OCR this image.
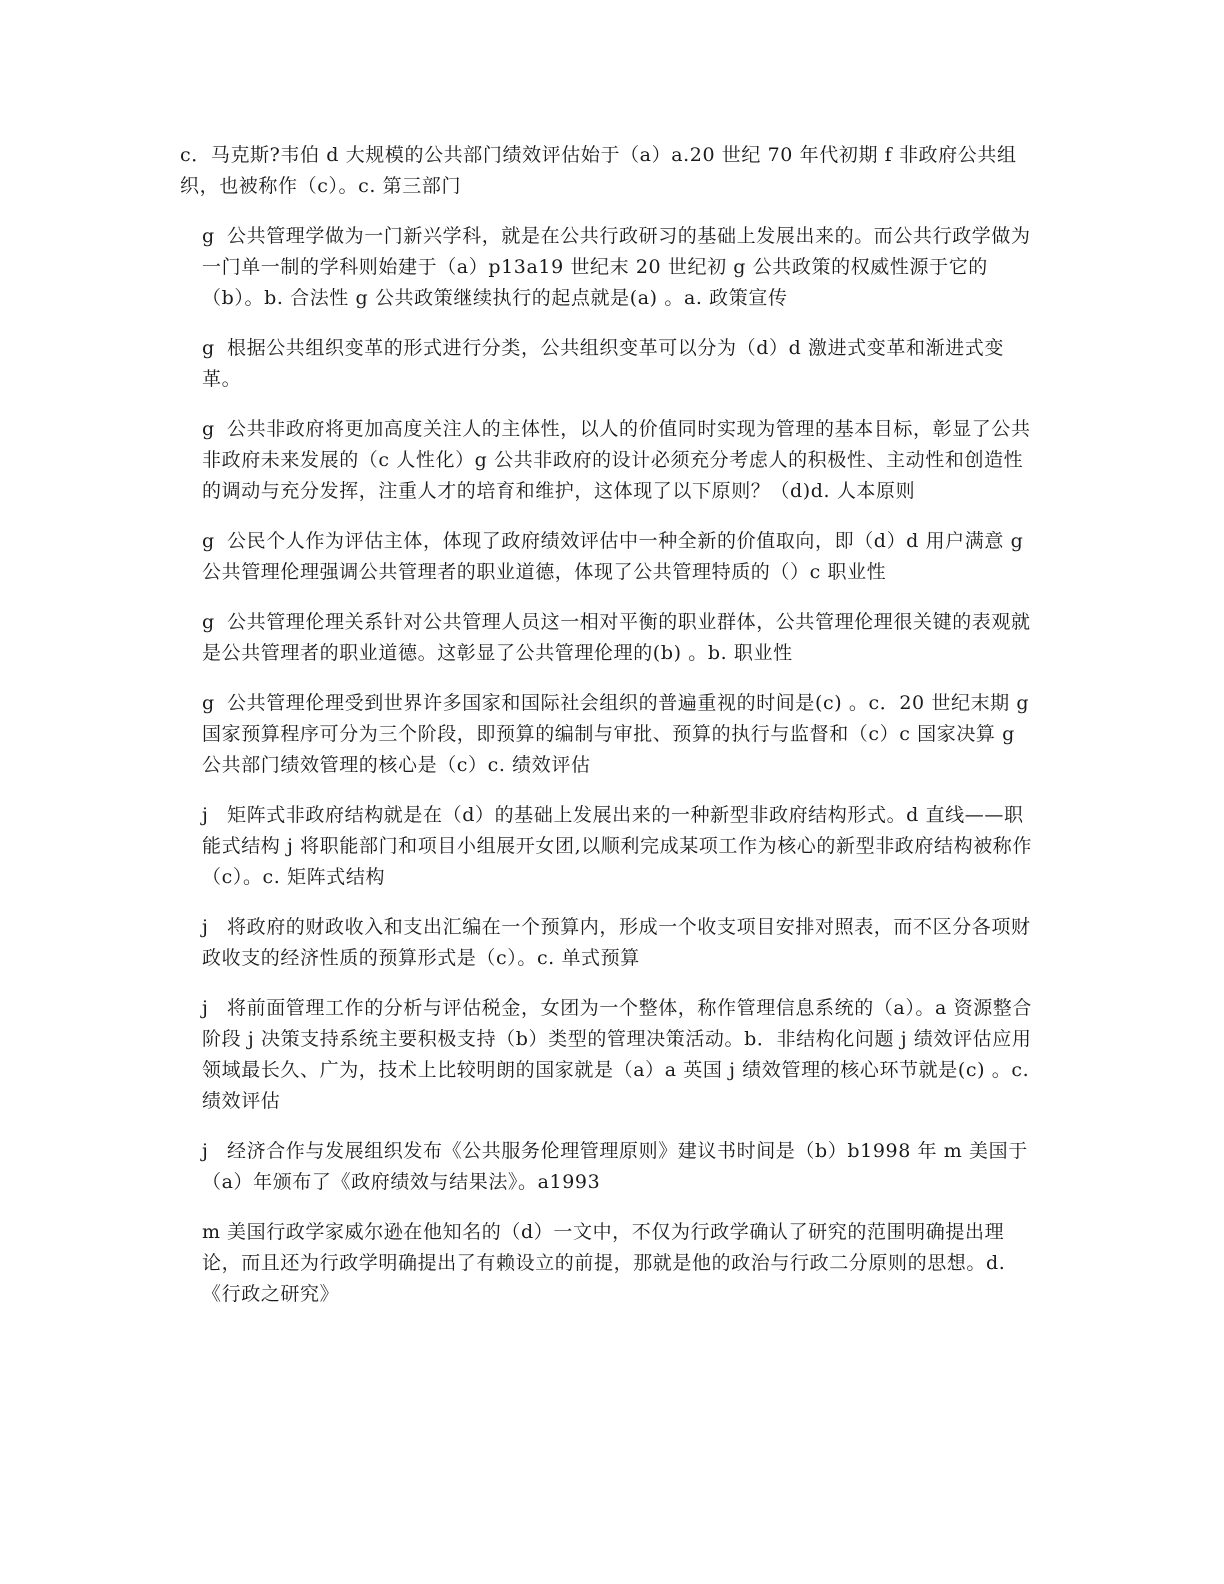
c．马克斯?韦伯 d 大规模的公共部门绩效评估始于（a）a.20 世纪 70 年代初期 f 非政府公共组织，也被称作（c）。c. 第三部门

g 公共管理学做为一门新兴学科，就是在公共行政研习的基础上发展出来的。而公共行政学做为一门单一制的学科则始建于（a）p13a19 世纪末 20 世纪初 g 公共政策的权威性源于它的（b）。b. 合法性 g 公共政策继续执行的起点就是(a) 。a. 政策宣传

g 根据公共组织变革的形式进行分类，公共组织变革可以分为（d）d 激进式变革和渐进式变革。

g 公共非政府将更加高度关注人的主体性，以人的价值同时实现为管理的基本目标，彰显了公共非政府未来发展的（c 人性化）g 公共非政府的设计必须充分考虑人的积极性、主动性和创造性的调动与充分发挥，注重人才的培育和维护，这体现了以下原则？（d)d. 人本原则

g 公民个人作为评估主体，体现了政府绩效评估中一种全新的价值取向，即（d）d 用户满意 g 公共管理伦理强调公共管理者的职业道德，体现了公共管理特质的（）c 职业性

g 公共管理伦理关系针对公共管理人员这一相对平衡的职业群体，公共管理伦理很关键的表观就是公共管理者的职业道德。这彰显了公共管理伦理的(b) 。b. 职业性

g 公共管理伦理受到世界许多国家和国际社会组织的普遍重视的时间是(c) 。c．20 世纪末期 g 国家预算程序可分为三个阶段，即预算的编制与审批、预算的执行与监督和（c）c 国家决算 g 公共部门绩效管理的核心是（c）c. 绩效评估

j 矩阵式非政府结构就是在（d）的基础上发展出来的一种新型非政府结构形式。d 直线——职能式结构 j 将职能部门和项目小组展开女团,以顺利完成某项工作为核心的新型非政府结构被称作（c）。c. 矩阵式结构

j 将政府的财政收入和支出汇编在一个预算内，形成一个收支项目安排对照表，而不区分各项财政收支的经济性质的预算形式是（c）。c. 单式预算

j 将前面管理工作的分析与评估税金，女团为一个整体，称作管理信息系统的（a）。a 资源整合阶段 j 决策支持系统主要积极支持（b）类型的管理决策活动。b．非结构化问题 j 绩效评估应用领域最长久、广为，技术上比较明朗的国家就是（a）a 英国 j 绩效管理的核心环节就是(c) 。c. 绩效评估

j 经济合作与发展组织发布《公共服务伦理管理原则》建议书时间是（b）b1998 年 m 美国于（a）年颁布了《政府绩效与结果法》。a1993

m 美国行政学家威尔逊在他知名的（d）一文中，不仅为行政学确认了研究的范围明确提出理论，而且还为行政学明确提出了有赖设立的前提，那就是他的政治与行政二分原则的思想。d. 《行政之研究》
